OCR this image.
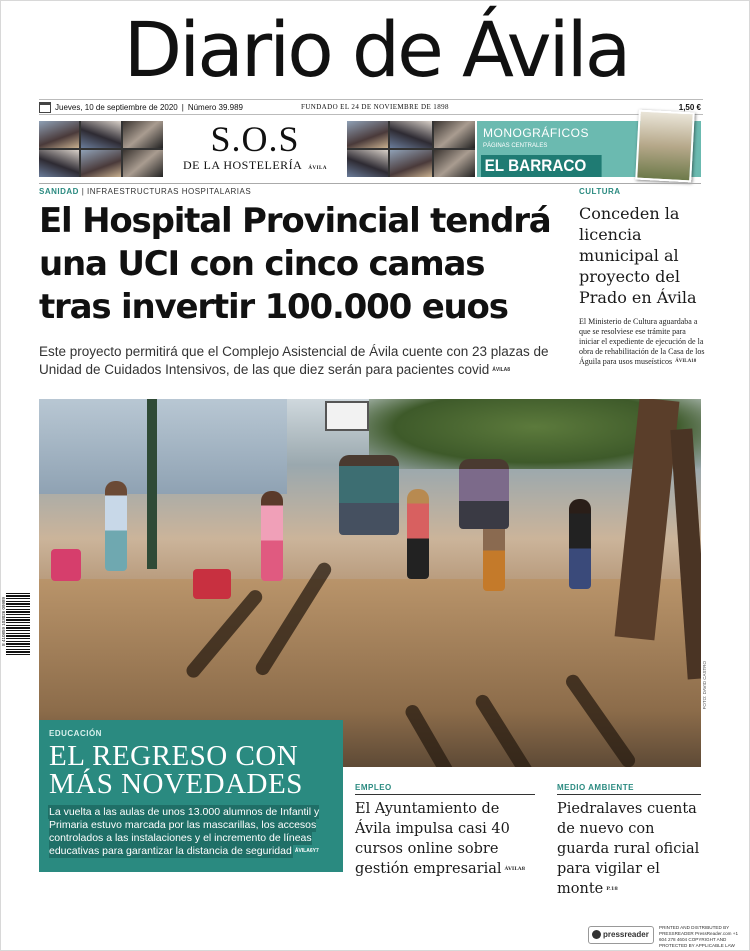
Diario de Ávila
Jueves, 10 de septiembre de 2020 | Número 39.989	FUNDADO EL 24 DE NOVIEMBRE DE 1898	1,50 €
S.O.S
DE LA HOSTELERÍA ÁVILA
MONOGRÁFICOS
PÁGINAS CENTRALES
EL BARRACO
SANIDAD | INFRAESTRUCTURAS HOSPITALARIAS
El Hospital Provincial tendrá una UCI con cinco camas tras invertir 100.000 euos
Este proyecto permitirá que el Complejo Asistencial de Ávila cuente con 23 plazas de Unidad de Cuidados Intensivos, de las que diez serán para pacientes covid ÁVILA8
CULTURA
Conceden la licencia municipal al proyecto del Prado en Ávila
El Ministerio de Cultura aguardaba a que se resolviese ese trámite para iniciar el expediente de ejecución de la obra de rehabilitación de la Casa de los Águila para usos museísticos ÁVILA10
FOTO: DAVID CASTRO
EDUCACIÓN
EL REGRESO CON MÁS NOVEDADES
La vuelta a las aulas de unos 13.000 alumnos de Infantil y Primaria estuvo marcada por las mascarillas, los accesos controlados a las instalaciones y el incremento de líneas educativas para garantizar la distancia de seguridad ÁVILA6Y7
EMPLEO
El Ayuntamiento de Ávila impulsa casi 40 cursos online sobre gestión empresarial ÁVILA8
MEDIO AMBIENTE
Piedralaves cuenta de nuevo con guarda rural oficial para vigilar el monte P.18
8 410859 103026 09989
pressreader
PRINTED AND DISTRIBUTED BY PRESSREADER PressReader.com +1 604 278 4604 COPYRIGHT AND PROTECTED BY APPLICABLE LAW
